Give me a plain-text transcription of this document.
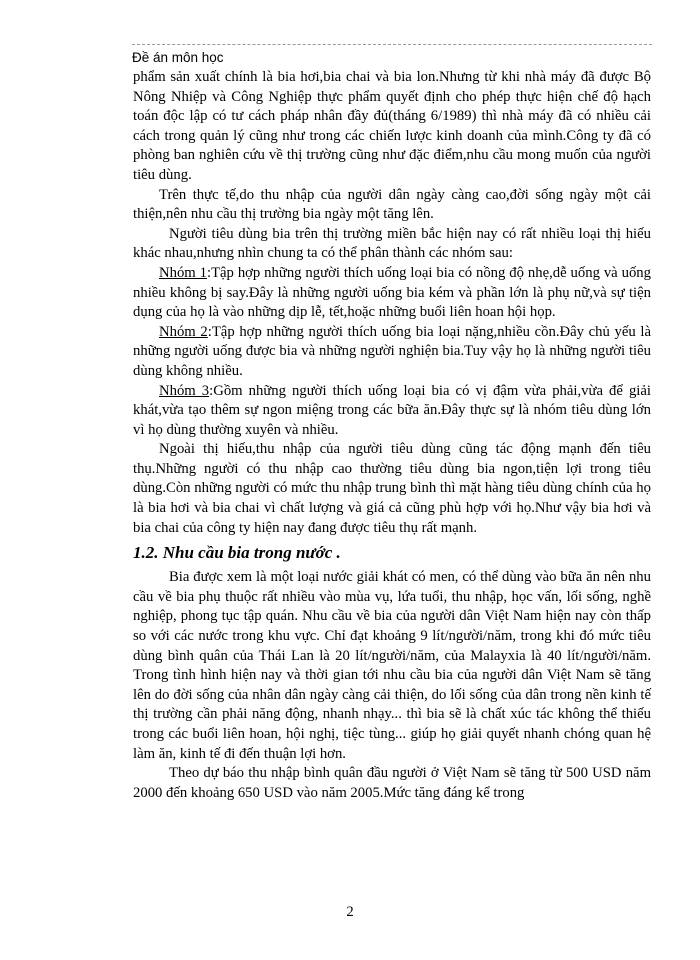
Đề án môn học

phẩm sản xuất chính là bia hơi,bia chai và bia lon.Nhưng từ khi nhà máy đã được Bộ Nông Nhiệp và Công Nghiệp thực phẩm quyết định cho phép thực hiện chế độ hạch toán độc lập có tư cách pháp nhân đầy đủ(tháng 6/1989) thì nhà máy đã có nhiều cải cách trong quản lý cũng như trong các chiến lược kinh doanh của mình.Công ty đã có phòng ban nghiên cứu về thị trường cũng như đặc điểm,nhu cầu mong muốn của người tiêu dùng.

Trên thực tế,do thu nhập của người dân ngày càng cao,đời sống ngày một cải thiện,nên nhu cầu thị trường bia ngày một tăng lên.

Người tiêu dùng bia trên thị trường miền bắc hiện nay có rất nhiều loại thị hiếu khác nhau,nhưng nhìn chung ta có thể phân thành các nhóm sau:

Nhóm 1:Tập hợp những người thích uống loại bia có nồng độ nhẹ,dễ uống và uống nhiều không bị say.Đây là những người uống bia kém và phần lớn là phụ nữ,và sự tiện dụng của họ là vào những dịp lễ, tết,hoặc những buổi liên hoan hội họp.

Nhóm 2:Tập hợp những người thích uống bia loại nặng,nhiều cồn.Đây chủ yếu là những người uống được bia và những người nghiện bia.Tuy vậy họ là những người tiêu dùng không nhiều.

Nhóm 3:Gồm những người thích uống loại bia có vị đậm vừa phải,vừa để giải khát,vừa tạo thêm sự ngon miệng trong các bữa ăn.Đây thực sự là nhóm tiêu dùng lớn vì họ dùng thường xuyên và nhiều.

Ngoài thị hiếu,thu nhập của người tiêu dùng cũng tác động mạnh đến tiêu thụ.Những người có thu nhập cao thường tiêu dùng bia ngon,tiện lợi trong tiêu dùng.Còn những người có mức thu nhập trung bình thì mặt hàng tiêu dùng chính của họ là bia hơi và bia chai vì chất lượng và giá cả cũng phù hợp với họ.Như vậy bia hơi và bia chai của công ty hiện nay đang được tiêu thụ rất mạnh.

1.2. Nhu cầu bia trong nước .

Bia được xem là một loại nước giải khát có men, có thể dùng vào bữa ăn nên nhu cầu về bia phụ thuộc rất nhiều vào mùa vụ, lứa tuổi, thu nhập, học vấn, lối sống, nghề nghiệp, phong tục tập quán. Nhu cầu về bia của người dân Việt Nam hiện nay còn thấp so với các nước trong khu vực. Chỉ đạt khoảng 9 lít/người/năm, trong khi đó mức tiêu dùng bình quân của Thái Lan là 20 lít/người/năm, của Malayxia là 40 lít/người/năm. Trong tình hình hiện nay và thời gian tới nhu cầu bia của người dân Việt Nam sẽ tăng lên do đời sống của nhân dân ngày càng cải thiện, do lối sống của dân trong nền kinh tế thị trường cần phải năng động, nhanh nhạy... thì bia sẽ là chất xúc tác không thể thiếu trong các buổi liên hoan, hội nghị, tiệc tùng... giúp họ giải quyết nhanh chóng quan hệ làm ăn, kinh tế đi đến thuận lợi hơn.

Theo dự báo thu nhập bình quân đầu người ở Việt Nam sẽ tăng từ 500 USD năm 2000 đến khoảng 650 USD vào năm 2005.Mức tăng đáng kể trong

2
